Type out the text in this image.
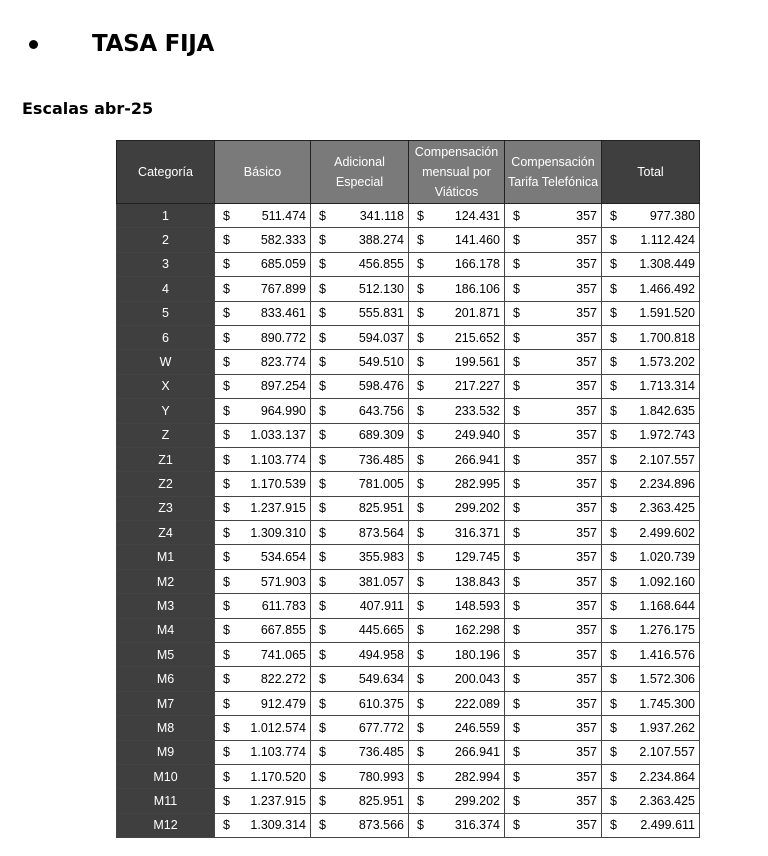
TASA FIJA
Escalas abr-25
Categoría	Básico	Adicional Especial	Compensación mensual por Viáticos	Compensación Tarifa Telefónica	Total
1	$ 511.474	$ 341.118	$ 124.431	$ 357	$ 977.380

2	$ 582.333	$ 388.274	$ 141.460	$ 357	$ 1.112.424

3	$ 685.059	$ 456.855	$ 166.178	$ 357	$ 1.308.449

4	$ 767.899	$ 512.130	$ 186.106	$ 357	$ 1.466.492

5	$ 833.461	$ 555.831	$ 201.871	$ 357	$ 1.591.520

6	$ 890.772	$ 594.037	$ 215.652	$ 357	$ 1.700.818

W	$ 823.774	$ 549.510	$ 199.561	$ 357	$ 1.573.202

X	$ 897.254	$ 598.476	$ 217.227	$ 357	$ 1.713.314

Y	$ 964.990	$ 643.756	$ 233.532	$ 357	$ 1.842.635

Z	$ 1.033.137	$ 689.309	$ 249.940	$ 357	$ 1.972.743

Z1	$ 1.103.774	$ 736.485	$ 266.941	$ 357	$ 2.107.557

Z2	$ 1.170.539	$ 781.005	$ 282.995	$ 357	$ 2.234.896

Z3	$ 1.237.915	$ 825.951	$ 299.202	$ 357	$ 2.363.425

Z4	$ 1.309.310	$ 873.564	$ 316.371	$ 357	$ 2.499.602

M1	$ 534.654	$ 355.983	$ 129.745	$ 357	$ 1.020.739

M2	$ 571.903	$ 381.057	$ 138.843	$ 357	$ 1.092.160

M3	$ 611.783	$ 407.911	$ 148.593	$ 357	$ 1.168.644

M4	$ 667.855	$ 445.665	$ 162.298	$ 357	$ 1.276.175

M5	$ 741.065	$ 494.958	$ 180.196	$ 357	$ 1.416.576

M6	$ 822.272	$ 549.634	$ 200.043	$ 357	$ 1.572.306

M7	$ 912.479	$ 610.375	$ 222.089	$ 357	$ 1.745.300

M8	$ 1.012.574	$ 677.772	$ 246.559	$ 357	$ 1.937.262

M9	$ 1.103.774	$ 736.485	$ 266.941	$ 357	$ 2.107.557

M10	$ 1.170.520	$ 780.993	$ 282.994	$ 357	$ 2.234.864

M11	$ 1.237.915	$ 825.951	$ 299.202	$ 357	$ 2.363.425

M12	$ 1.309.314	$ 873.566	$ 316.374	$ 357	$ 2.499.611
